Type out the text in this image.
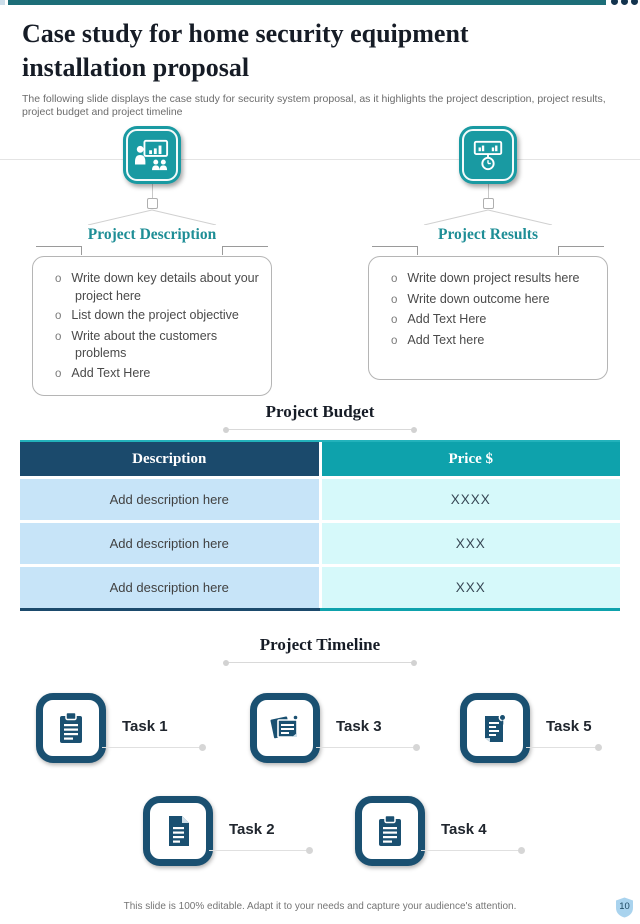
Case study for home security equipment installation proposal

The following slide displays the case study for security system proposal, as it highlights the project description, project results, project budget and project timeline

Project Description
o Write down key details about your project here
o List down the project objective
o Write about the customers problems
o Add Text Here
Project Results
o Write down project results here
o Write down outcome here
o Add Text Here
o Add Text here
Project Budget
Description	Price $
Add description here	XXXX
Add description here	XXX
Add description here	XXX
Project Timeline
Task 1	Task 3	Task 5
Task 2	Task 4
This slide is 100% editable. Adapt it to your needs and capture your audience's attention.	10
